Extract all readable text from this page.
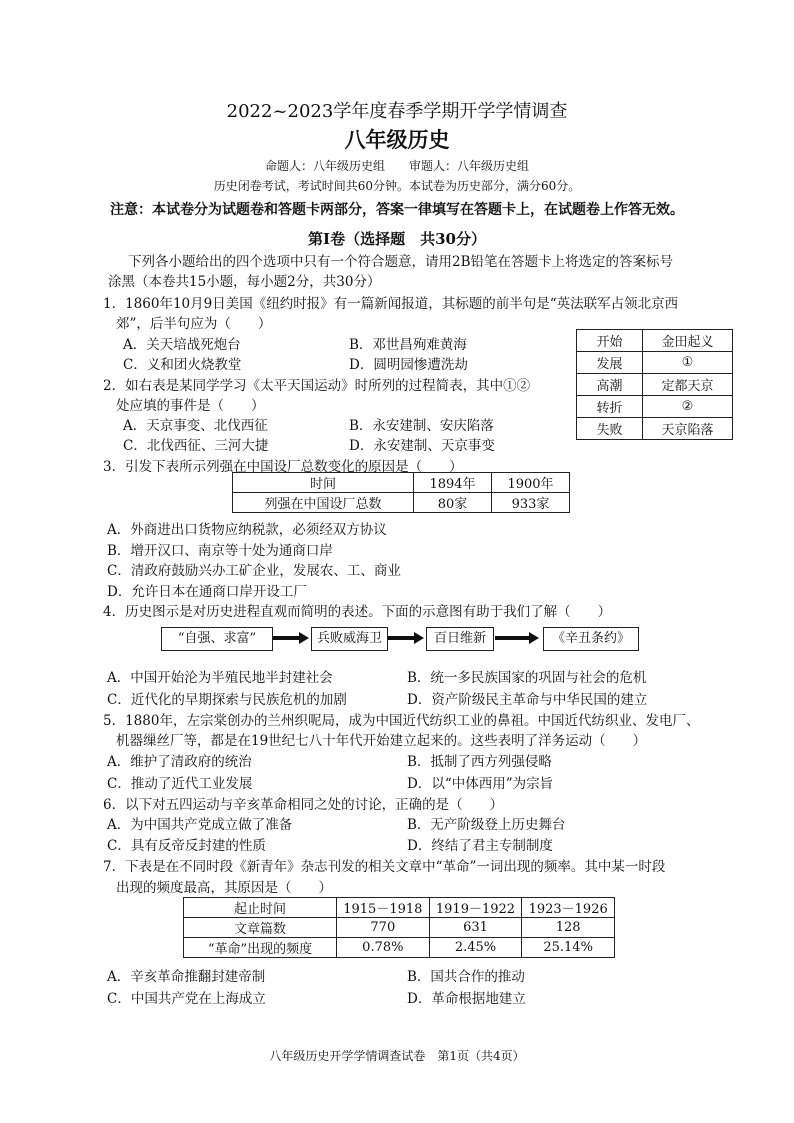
2022~2023学年度春季学期开学学情调查
八年级历史
命题人：八年级历史组　　审题人：八年级历史组
历史闭卷考试，考试时间共60分钟。本试卷为历史部分，满分60分。
注意：本试卷分为试题卷和答题卡两部分，答案一律填写在答题卡上，在试题卷上作答无效。
第Ⅰ卷（选择题　共30分）
下列各小题给出的四个选项中只有一个符合题意，请用2B铅笔在答题卡上将选定的答案标号
涂黑（本卷共15小题，每小题2分，共30分）
1．1860年10月9日美国《纽约时报》有一篇新闻报道，其标题的前半句是“英法联军占领北京西
郊”，后半句应为（　　）
A．关天培战死炮台	B．邓世昌殉难黄海
C．义和团火烧教堂	D．圆明园惨遭洗劫
开始	金田起义
发展	①
高潮	定都天京
转折	②
失败	天京陷落
2．如右表是某同学学习《太平天国运动》时所列的过程简表，其中①②
处应填的事件是（　　）
A．天京事变、北伐西征	B．永安建制、安庆陷落
C．北伐西征、三河大捷	D．永安建制、天京事变
3．引发下表所示列强在中国设厂总数变化的原因是（　　）
时间	1894年	1900年
列强在中国设厂总数	80家	933家
A．外商进出口货物应纳税款，必须经双方协议
B．增开汉口、南京等十处为通商口岸
C．清政府鼓励兴办工矿企业，发展农、工、商业
D．允许日本在通商口岸开设工厂
4．历史图示是对历史进程直观而简明的表述。下面的示意图有助于我们了解（　　）
“自强、求富”	兵败威海卫	百日维新	《辛丑条约》
A．中国开始沦为半殖民地半封建社会	B．统一多民族国家的巩固与社会的危机
C．近代化的早期探索与民族危机的加剧	D．资产阶级民主革命与中华民国的建立
5．1880年，左宗棠创办的兰州织呢局，成为中国近代纺织工业的鼻祖。中国近代纺织业、发电厂、
机器缫丝厂等，都是在19世纪七八十年代开始建立起来的。这些表明了洋务运动（　　）
A．维护了清政府的统治	B．抵制了西方列强侵略
C．推动了近代工业发展	D．以“中体西用”为宗旨
6．以下对五四运动与辛亥革命相同之处的讨论，正确的是（　　）
A．为中国共产党成立做了准备	B．无产阶级登上历史舞台
C．具有反帝反封建的性质	D．终结了君主专制制度
7．下表是在不同时段《新青年》杂志刊发的相关文章中“革命”一词出现的频率。其中某一时段
出现的频度最高，其原因是（　　）
起止时间	1915－1918	1919－1922	1923－1926
文章篇数	770	631	128
“革命”出现的频度	0.78%	2.45%	25.14%
A．辛亥革命推翻封建帝制	B．国共合作的推动
C．中国共产党在上海成立	D．革命根据地建立
八年级历史开学学情调查试卷　第1页（共4页）
